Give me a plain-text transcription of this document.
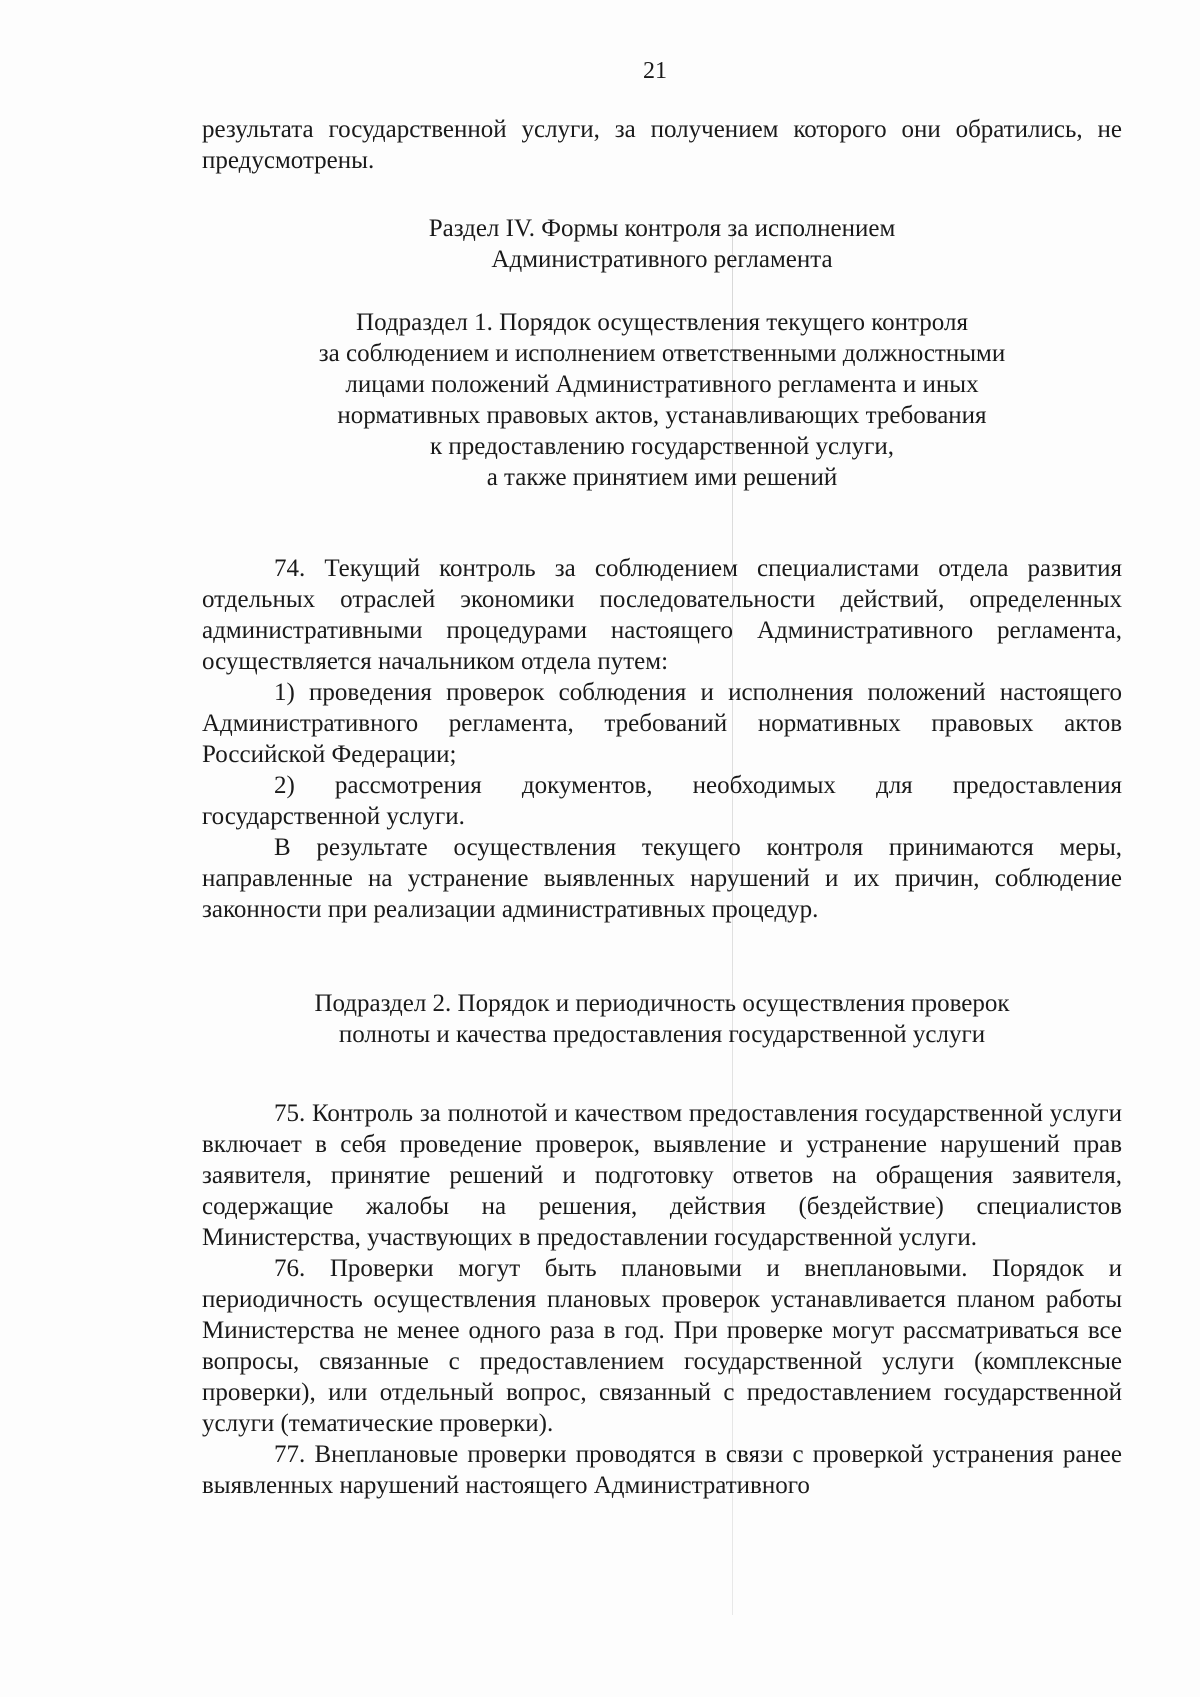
21

результата государственной услуги, за получением которого они обратились, не предусмотрены.

Раздел IV. Формы контроля за исполнением
Административного регламента
Подраздел 1. Порядок осуществления текущего контроля
за соблюдением и исполнением ответственными должностными
лицами положений Административного регламента и иных
нормативных правовых актов, устанавливающих требования
к предоставлению государственной услуги,
а также принятием ими решений

74. Текущий контроль за соблюдением специалистами отдела развития отдельных отраслей экономики последовательности действий, определенных административными процедурами настоящего Административного регламента, осуществляется начальником отдела путем:

1) проведения проверок соблюдения и исполнения положений настоящего Административного регламента, требований нормативных правовых актов Российской Федерации;

2) рассмотрения документов, необходимых для предоставления государственной услуги.

В результате осуществления текущего контроля принимаются меры, направленные на устранение выявленных нарушений и их причин, соблюдение законности при реализации административных процедур.

Подраздел 2. Порядок и периодичность осуществления проверок
полноты и качества предоставления государственной услуги

75. Контроль за полнотой и качеством предоставления государственной услуги включает в себя проведение проверок, выявление и устранение нарушений прав заявителя, принятие решений и подготовку ответов на обращения заявителя, содержащие жалобы на решения, действия (бездействие) специалистов Министерства, участвующих в предоставлении государственной услуги.

76. Проверки могут быть плановыми и внеплановыми. Порядок и периодичность осуществления плановых проверок устанавливается планом работы Министерства не менее одного раза в год. При проверке могут рассматриваться все вопросы, связанные с предоставлением государственной услуги (комплексные проверки), или отдельный вопрос, связанный с предоставлением государственной услуги (тематические проверки).

77. Внеплановые проверки проводятся в связи с проверкой устранения ранее выявленных нарушений настоящего Административного
